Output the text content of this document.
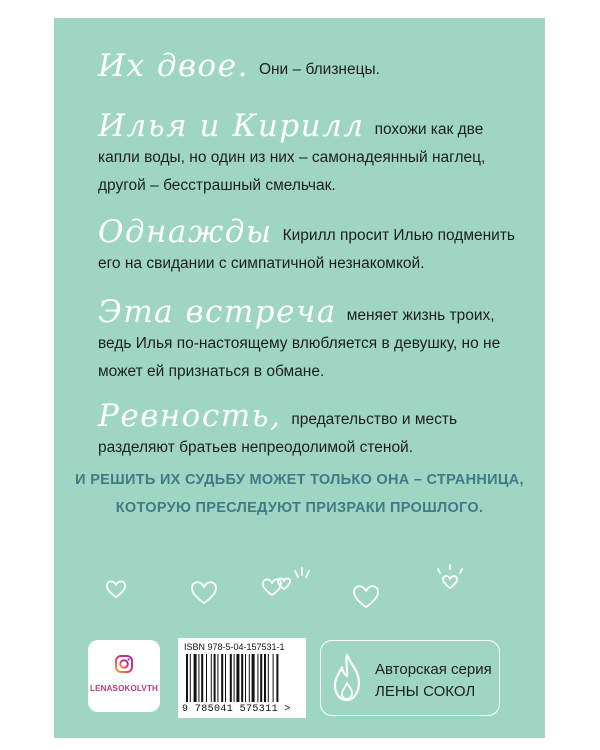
Их двое. Они – близнецы.
Илья и Кирилл похожи как две капли воды, но один из них – самонадеянный наглец, другой – бесстрашный смельчак.
Однажды Кирилл просит Илью подменить его на свидании с симпатичной незнакомкой.
Эта встреча меняет жизнь троих, ведь Илья по-настоящему влюбляется в девушку, но не может ей признаться в обмане.
Ревность, предательство и месть разделяют братьев непреодолимой стеной.
И РЕШИТЬ ИХ СУДЬБУ МОЖЕТ ТОЛЬКО ОНА – СТРАННИЦА,
КОТОРУЮ ПРЕСЛЕДУЮТ ПРИЗРАКИ ПРОШЛОГО.
LENASOKOLVTH
ISBN 978-5-04-157531-1
9 785041 575311 >
Авторская серия
ЛЕНЫ СОКОЛ
